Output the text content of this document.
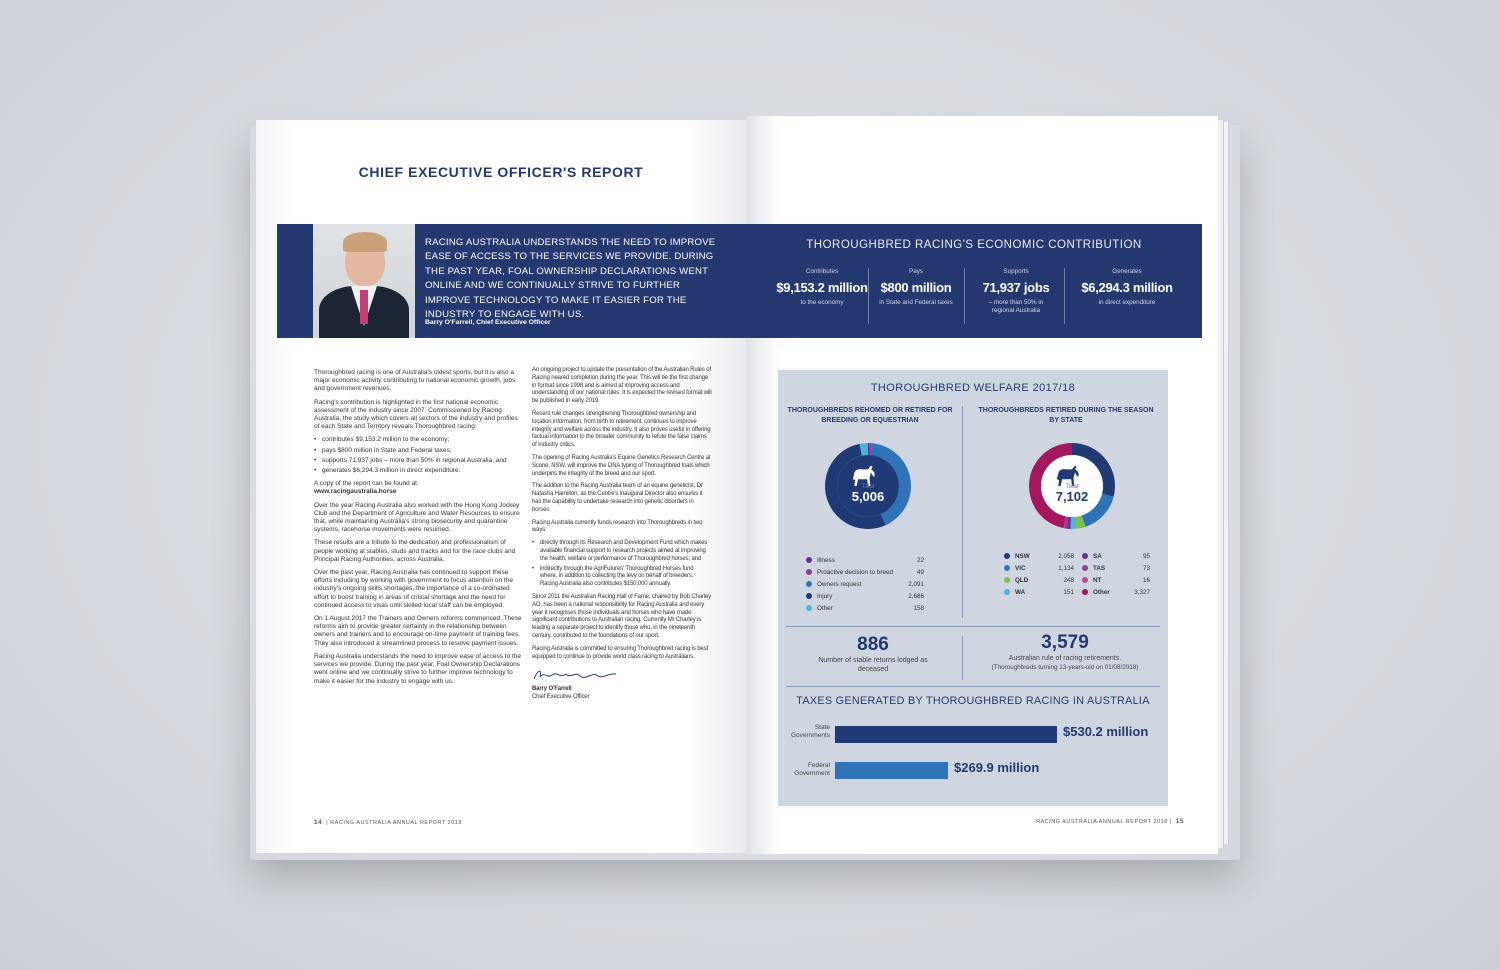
CHIEF EXECUTIVE OFFICER'S REPORT
RACING AUSTRALIA UNDERSTANDS THE NEED TO IMPROVE EASE OF ACCESS TO THE SERVICES WE PROVIDE. DURING THE PAST YEAR, FOAL OWNERSHIP DECLARATIONS WENT ONLINE AND WE CONTINUALLY STRIVE TO FURTHER IMPROVE TECHNOLOGY TO MAKE IT EASIER FOR THE INDUSTRY TO ENGAGE WITH US.
Barry O'Farrell, Chief Executive Officer

Thoroughbred racing is one of Australia's oldest sports, but it is also a major economic activity contributing to national economic growth, jobs and government revenues.

Racing's contribution is highlighted in the first national economic assessment of the industry since 2007. Commissioned by Racing Australia, the study which covers all sectors of the industry and profiles of each State and Territory reveals Thoroughbred racing:

• contributes $9,153.2 million to the economy;
• pays $800 million in State and Federal taxes;
• supports 71,937 jobs – more than 50% in regional Australia; and
• generates $6,294.3 million in direct expenditure.

A copy of the report can be found at:

www.racingaustralia.horse

Over the year Racing Australia also worked with the Hong Kong Jockey Club and the Department of Agriculture and Water Resources to ensure that, while maintaining Australia's strong biosecurity and quarantine systems, racehorse movements were resumed.

These results are a tribute to the dedication and professionalism of people working at stables, studs and tracks and for the race clubs and Principal Racing Authorities, across Australia.

Over the past year, Racing Australia has continued to support these efforts including by working with government to focus attention on the industry's ongoing skills shortages, the importance of a co-ordinated effort to boost training in areas of critical shortage and the need for continued access to visas until skilled local staff can be employed.

On 1 August 2017 the Trainers and Owners reforms commenced. These reforms aim to provide greater certainty in the relationship between owners and trainers and to encourage on-time payment of training fees. They also introduced a streamlined process to resolve payment issues.

Racing Australia understands the need to improve ease of access to the services we provide. During the past year, Foal Ownership Declarations went online and we continually strive to further improve technology to make it easier for the industry to engage with us.

An ongoing project to update the presentation of the Australian Rules of Racing neared completion during the year. This will be the first change in format since 1998 and is aimed at improving access and understanding of our national rules. It is expected the revised format will be published in early 2019.

Recent rule changes strengthening Thoroughbred ownership and location information, from birth to retirement, continues to improve integrity and welfare across the industry. It also proves useful in offering factual information to the broader community to refute the false claims of industry critics.

The opening of Racing Australia's Equine Genetics Research Centre at Scone, NSW, will improve the DNA typing of Thoroughbred foals which underpins the integrity of the breed and our sport.

The addition to the Racing Australia team of an equine geneticist, Dr Natasha Hamilton, as the Centre's inaugural Director also ensures it has the capability to undertake research into genetic disorders in horses.

Racing Australia currently funds research into Thoroughbreds in two ways:

• directly through its Research and Development Fund which makes available financial support to research projects aimed at improving the health, welfare or performance of Thoroughbred horses; and
• indirectly through the AgriFutures' Thoroughbred Horses fund where, in addition to collecting the levy on behalf of breeders, Racing Australia also contributes $150,000 annually.

Since 2011 the Australian Racing Hall of Fame, chaired by Bob Charley AO, has been a national responsibility for Racing Australia and every year it recognises those individuals and horses who have made significant contributions to Australian racing. Currently Mr Charley is leading a separate project to identify those who, in the nineteenth century, contributed to the foundations of our sport.

Racing Australia is committed to ensuring Thoroughbred racing is best equipped to continue to provide world class racing to Australians.

Barry O'Farrell
Chief Executive Officer
14 | RACING AUSTRALIA ANNUAL REPORT 2018
THOROUGHBRED RACING'S ECONOMIC CONTRIBUTION
Contributes
$9,153.2 million
to the economy
Pays
$800 million
in State and Federal taxes
Supports
71,937 jobs
– more than 50% in regional Australia
Generates
$6,294.3 million
in direct expenditure
THOROUGHBRED WELFARE 2017/18
THOROUGHBREDS REHOMED OR RETIRED FOR BREEDING OR EQUESTRIAN
THOROUGHBREDS RETIRED DURING THE SEASON BY STATE
Total
5,006
Total
7,102
Illness	22
Proactive decision to breed	49
Owners request	2,091
Injury	2,686
Other	158
NSW	2,058
VIC	1,134
QLD	248
WA	151
SA	95
TAS	73
NT	16
Other	3,327
886
Number of stable returns lodged as deceased
3,579
Australian rule of racing retirements.
(Thoroughbreds turning 13-years-old on 01/08/2018)
TAXES GENERATED BY THOROUGHBRED RACING IN AUSTRALIA
State Governments
Federal Government
$530.2 million
$269.9 million
RACING AUSTRALIA ANNUAL REPORT 2018 | 15
